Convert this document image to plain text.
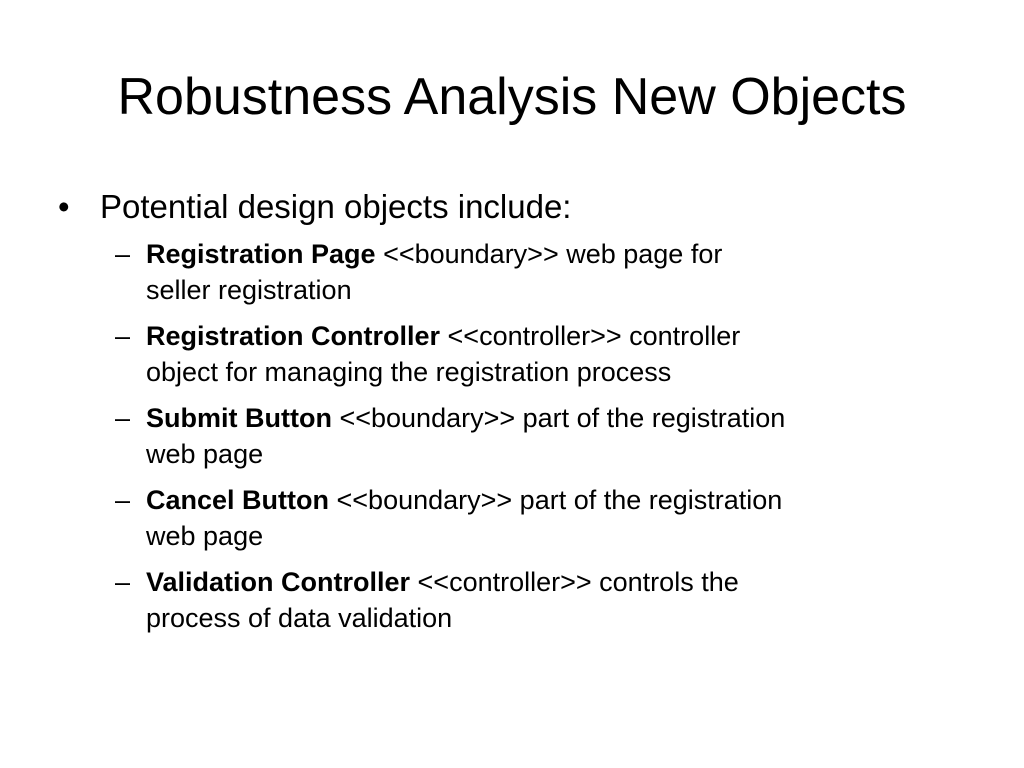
Robustness Analysis New Objects
• Potential design objects include:
– Registration Page <<boundary>> web page for
seller registration
– Registration Controller <<controller>> controller
object for managing the registration process
– Submit Button <<boundary>> part of the registration
web page
– Cancel Button <<boundary>> part of the registration
web page
– Validation Controller <<controller>> controls the
process of data validation
